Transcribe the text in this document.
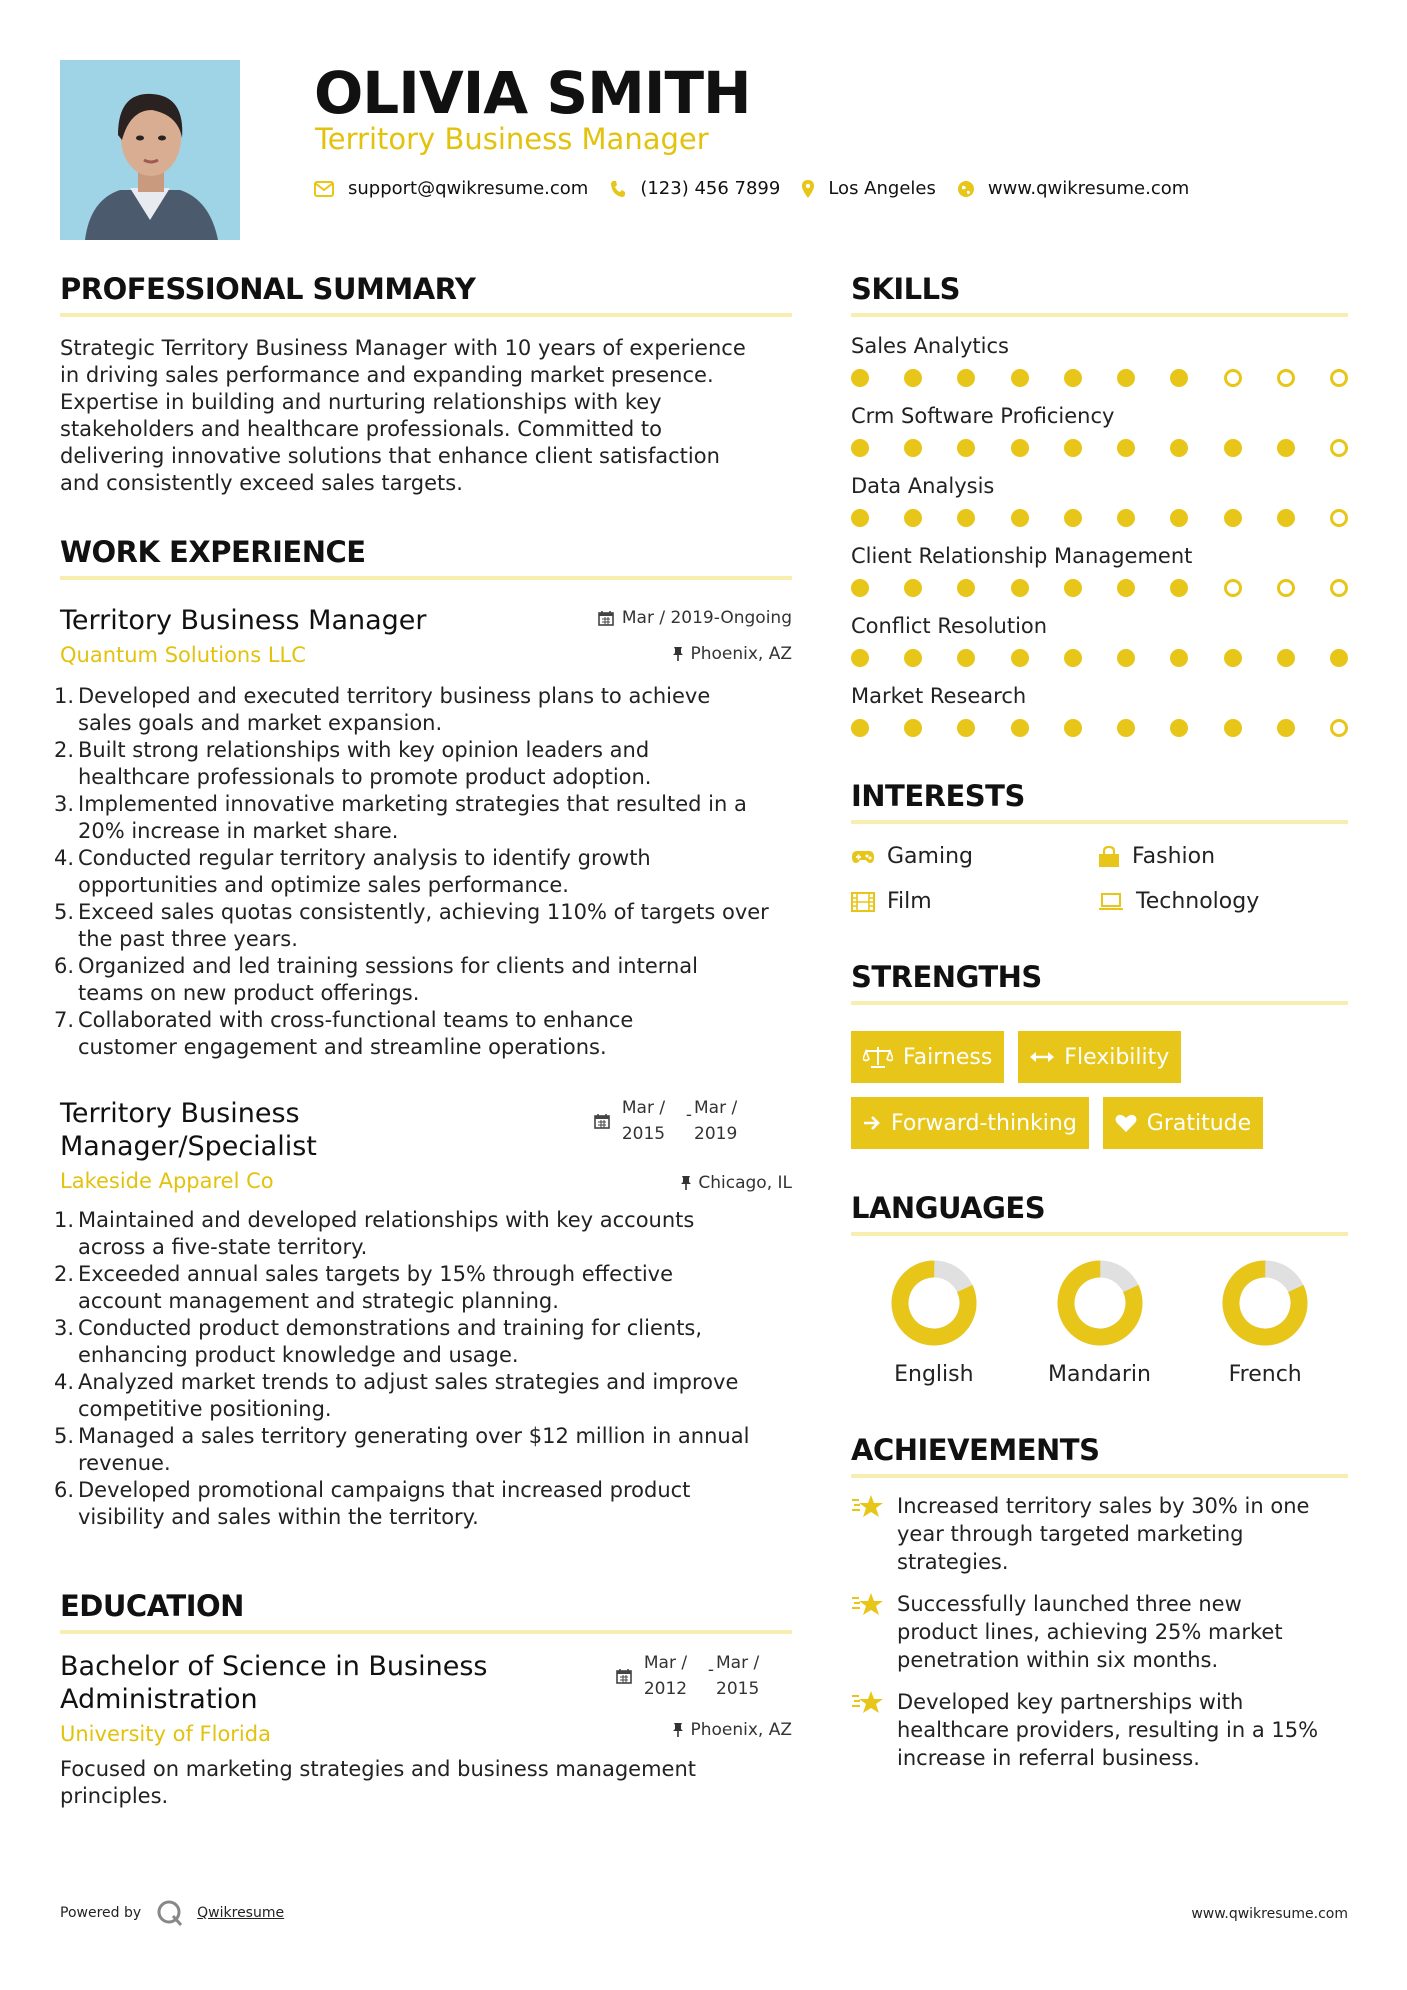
OLIVIA SMITH
Territory Business Manager
support@qwikresume.com	(123) 456 7899	Los Angeles	www.qwikresume.com
PROFESSIONAL SUMMARY
Strategic Territory Business Manager with 10 years of experience
in driving sales performance and expanding market presence.
Expertise in building and nurturing relationships with key
stakeholders and healthcare professionals. Committed to
delivering innovative solutions that enhance client satisfaction
and consistently exceed sales targets.
WORK EXPERIENCE
Territory Business Manager
Quantum Solutions LLC
Mar / 2019-Ongoing
Phoenix, AZ
1. Developed and executed territory business plans to achieve
sales goals and market expansion.
2. Built strong relationships with key opinion leaders and
healthcare professionals to promote product adoption.
3. Implemented innovative marketing strategies that resulted in a
20% increase in market share.
4. Conducted regular territory analysis to identify growth
opportunities and optimize sales performance.
5. Exceed sales quotas consistently, achieving 110% of targets over
the past three years.
6. Organized and led training sessions for clients and internal
teams on new product offerings.
7. Collaborated with cross-functional teams to enhance
customer engagement and streamline operations.
Territory Business
Manager/Specialist
Lakeside Apparel Co
Mar /
2015
- Mar /
2019
Chicago, IL
1. Maintained and developed relationships with key accounts
across a five-state territory.
2. Exceeded annual sales targets by 15% through effective
account management and strategic planning.
3. Conducted product demonstrations and training for clients,
enhancing product knowledge and usage.
4. Analyzed market trends to adjust sales strategies and improve
competitive positioning.
5. Managed a sales territory generating over $12 million in annual
revenue.
6. Developed promotional campaigns that increased product
visibility and sales within the territory.
EDUCATION
Bachelor of Science in Business
Administration
University of Florida
Mar /
2012
- Mar /
2015
Phoenix, AZ
Focused on marketing strategies and business management
principles.
SKILLS
Sales Analytics
Crm Software Proficiency
Data Analysis
Client Relationship Management
Conflict Resolution
Market Research
INTERESTS
Gaming	Fashion
Film	Technology
STRENGTHS
Fairness	Flexibility
Forward-thinking	Gratitude
LANGUAGES
English	Mandarin	French
ACHIEVEMENTS
Increased territory sales by 30% in one
year through targeted marketing
strategies.
Successfully launched three new
product lines, achieving 25% market
penetration within six months.
Developed key partnerships with
healthcare providers, resulting in a 15%
increase in referral business.
Powered by	Qwikresume	www.qwikresume.com
